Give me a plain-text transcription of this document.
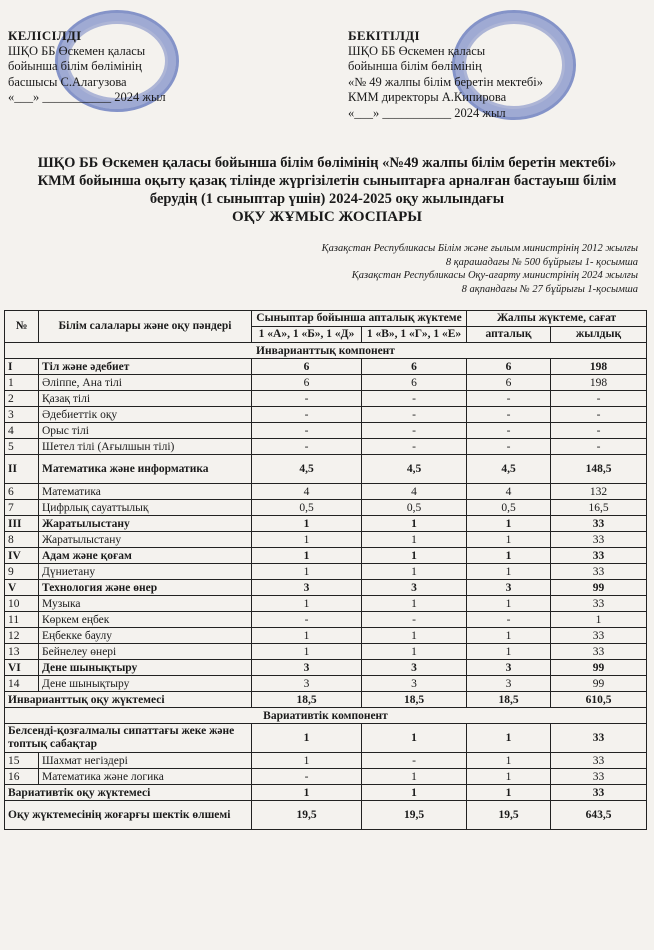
КЕЛІСІЛДІ
ШҚО ББ Өскемен қаласы
бойынша білім бөлімінің
басшысы С.Алагузова
«___» ___________ 2024 жыл
БЕКІТІЛДІ
ШҚО ББ Өскемен қаласы
бойынша білім бөлімінің
«№ 49 жалпы білім беретін мектебі»
КММ директоры А.Кипирова
«___» ___________ 2024 жыл
ШҚО ББ Өскемен қаласы бойынша білім бөлімінің «№49 жалпы білім беретін мектебі» КММ бойынша оқыту қазақ тілінде жүргізілетін сыныптарға арналған бастауыш білім берудің (1 сыныптар үшін) 2024-2025 оқу жылындағы
ОҚУ ЖҰМЫС ЖОСПАРЫ
Қазақстан Республикасы Білім және ғылым министрінің 2012 жылғы
8 қарашадағы № 500 бұйрығы 1- қосымша
Қазақстан Республикасы Оқу-ағарту министрінің 2024 жылғы
8 ақпандағы № 27 бұйрығы 1-қосымша
№	Білім салалары және оқу пәндері	Сыныптар бойынша апталық жүктеме		Жалпы жүктеме, сағат	
		1 «А», 1 «Б», 1 «Д»	1 «В», 1 «Г», 1 «Е»	апталық	жылдық
Инварианттық компонент					
I	Тіл және әдебиет	6	6	6	198
1	Әліппе, Ана тілі	6	6	6	198
2	Қазақ тілі	-	-	-	-
3	Әдебиеттік оқу	-	-	-	-
4	Орыс тілі	-	-	-	-
5	Шетел тілі (Ағылшын тілі)	-	-	-	-
II	Математика және информатика	4,5	4,5	4,5	148,5
6	Математика	4	4	4	132
7	Цифрлық сауаттылық	0,5	0,5	0,5	16,5
III	Жаратылыстану	1	1	1	33
8	Жаратылыстану	1	1	1	33
IV	Адам және қоғам	1	1	1	33
9	Дүниетану	1	1	1	33
V	Технология және өнер	3	3	3	99
10	Музыка	1	1	1	33
11	Көркем еңбек	-	-	-	1
12	Еңбекке баулу	1	1	1	33
13	Бейнелеу өнері	1	1	1	33
VI	Дене шынықтыру	3	3	3	99
14	Дене шынықтыру	3	3	3	99
Инварианттық оқу жүктемесі		18,5	18,5	18,5	610,5
Вариативтік компонент					
Белсенді-қозғалмалы сипаттағы жеке және топтық сабақтар		1	1	1	33
15	Шахмат негіздері	1	-	1	33
16	Математика және логика	-	1	1	33
Вариативтік оқу жүктемесі		1	1	1	33
Оқу жүктемесінің жоғарғы шектік өлшемі		19,5	19,5	19,5	643,5
